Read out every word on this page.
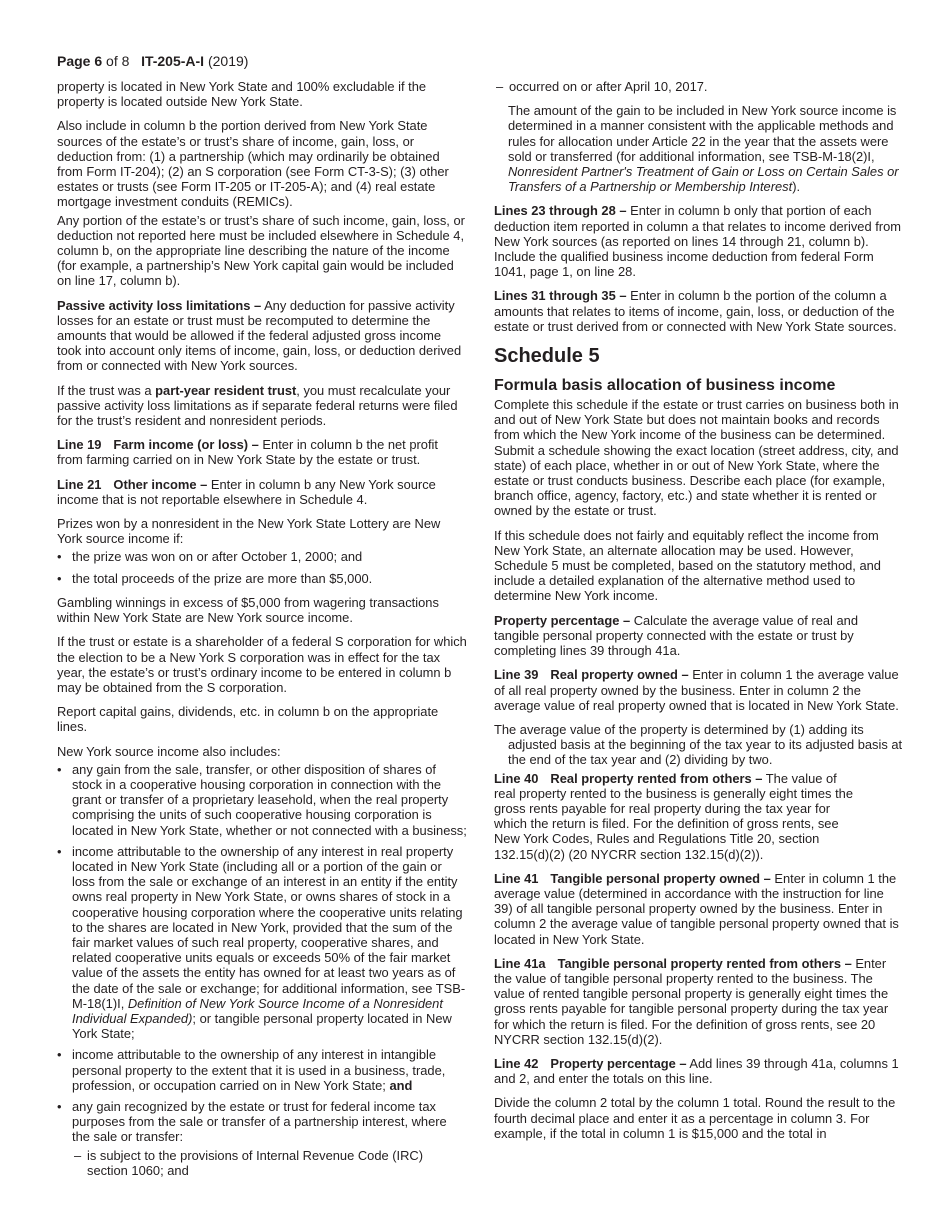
Page 6 of 8 IT-205-A-I (2019)

property is located in New York State and 100% excludable if the property is located outside New York State.

Also include in column b the portion derived from New York State sources of the estate’s or trust’s share of income, gain, loss, or deduction from: (1) a partnership (which may ordinarily be obtained from Form IT-204); (2) an S corporation (see Form CT-3-S); (3) other estates or trusts (see Form IT-205 or IT-205-A); and (4) real estate mortgage investment conduits (REMICs).

Any portion of the estate’s or trust’s share of such income, gain, loss, or deduction not reported here must be included elsewhere in Schedule 4, column b, on the appropriate line describing the nature of the income (for example, a partnership’s New York capital gain would be included on line 17, column b).

Passive activity loss limitations – Any deduction for passive activity losses for an estate or trust must be recomputed to determine the amounts that would be allowed if the federal adjusted gross income took into account only items of income, gain, loss, or deduction derived from or connected with New York sources.

If the trust was a part-year resident trust, you must recalculate your passive activity loss limitations as if separate federal returns were filed for the trust’s resident and nonresident periods.

Line 19 Farm income (or loss) – Enter in column b the net profit from farming carried on in New York State by the estate or trust.

Line 21 Other income – Enter in column b any New York source income that is not reportable elsewhere in Schedule 4.

Prizes won by a nonresident in the New York State Lottery are New York source income if:

• the prize was won on or after October 1, 2000; and
• the total proceeds of the prize are more than $5,000.

Gambling winnings in excess of $5,000 from wagering transactions within New York State are New York source income.

If the trust or estate is a shareholder of a federal S corporation for which the election to be a New York S corporation was in effect for the tax year, the estate’s or trust’s ordinary income to be entered in column b may be obtained from the S corporation.

Report capital gains, dividends, etc. in column b on the appropriate lines.

New York source income also includes:

• any gain from the sale, transfer, or other disposition of shares of stock in a cooperative housing corporation in connection with the grant or transfer of a proprietary leasehold, when the real property comprising the units of such cooperative housing corporation is located in New York State, whether or not connected with a business;
• income attributable to the ownership of any interest in real property located in New York State (including all or a portion of the gain or loss from the sale or exchange of an interest in an entity if the entity owns real property in New York State, or owns shares of stock in a cooperative housing corporation where the cooperative units relating to the shares are located in New York, provided that the sum of the fair market values of such real property, cooperative shares, and related cooperative units equals or exceeds 50% of the fair market value of the assets the entity has owned for at least two years as of the date of the sale or exchange; for additional information, see TSB-M-18(1)I, Definition of New York Source Income of a Nonresident Individual Expanded); or tangible personal property located in New York State;
• income attributable to the ownership of any interest in intangible personal property to the extent that it is used in a business, trade, profession, or occupation carried on in New York State; and
• any gain recognized by the estate or trust for federal income tax purposes from the sale or transfer of a partnership interest, where the sale or transfer:
– is subject to the provisions of Internal Revenue Code (IRC) section 1060; and
– occurred on or after April 10, 2017.

The amount of the gain to be included in New York source income is determined in a manner consistent with the applicable methods and rules for allocation under Article 22 in the year that the assets were sold or transferred (for additional information, see TSB-M-18(2)I, Nonresident Partner's Treatment of Gain or Loss on Certain Sales or Transfers of a Partnership or Membership Interest).

Lines 23 through 28 – Enter in column b only that portion of each deduction item reported in column a that relates to income derived from New York sources (as reported on lines 14 through 21, column b). Include the qualified business income deduction from federal Form 1041, page 1, on line 28.

Lines 31 through 35 – Enter in column b the portion of the column a amounts that relates to items of income, gain, loss, or deduction of the estate or trust derived from or connected with New York State sources.

Schedule 5
Formula basis allocation of business income

Complete this schedule if the estate or trust carries on business both in and out of New York State but does not maintain books and records from which the New York income of the business can be determined. Submit a schedule showing the exact location (street address, city, and state) of each place, whether in or out of New York State, where the estate or trust conducts business. Describe each place (for example, branch office, agency, factory, etc.) and state whether it is rented or owned by the estate or trust.

If this schedule does not fairly and equitably reflect the income from New York State, an alternate allocation may be used. However, Schedule 5 must be completed, based on the statutory method, and include a detailed explanation of the alternative method used to determine New York income.

Property percentage – Calculate the average value of real and tangible personal property connected with the estate or trust by completing lines 39 through 41a.

Line 39 Real property owned – Enter in column 1 the average value of all real property owned by the business. Enter in column 2 the average value of real property owned that is located in New York State.

The average value of the property is determined by (1) adding its adjusted basis at the beginning of the tax year to its adjusted basis at the end of the tax year and (2) dividing by two.

Line 40 Real property rented from others – The value of real property rented to the business is generally eight times the gross rents payable for real property during the tax year for which the return is filed. For the definition of gross rents, see New York Codes, Rules and Regulations Title 20, section 132.15(d)(2) (20 NYCRR section 132.15(d)(2)).

Line 41 Tangible personal property owned – Enter in column 1 the average value (determined in accordance with the instruction for line 39) of all tangible personal property owned by the business. Enter in column 2 the average value of tangible personal property owned that is located in New York State.

Line 41a Tangible personal property rented from others – Enter the value of tangible personal property rented to the business. The value of rented tangible personal property is generally eight times the gross rents payable for tangible personal property during the tax year for which the return is filed. For the definition of gross rents, see 20 NYCRR section 132.15(d)(2).

Line 42 Property percentage – Add lines 39 through 41a, columns 1 and 2, and enter the totals on this line.

Divide the column 2 total by the column 1 total. Round the result to the fourth decimal place and enter it as a percentage in column 3. For example, if the total in column 1 is $15,000 and the total in
